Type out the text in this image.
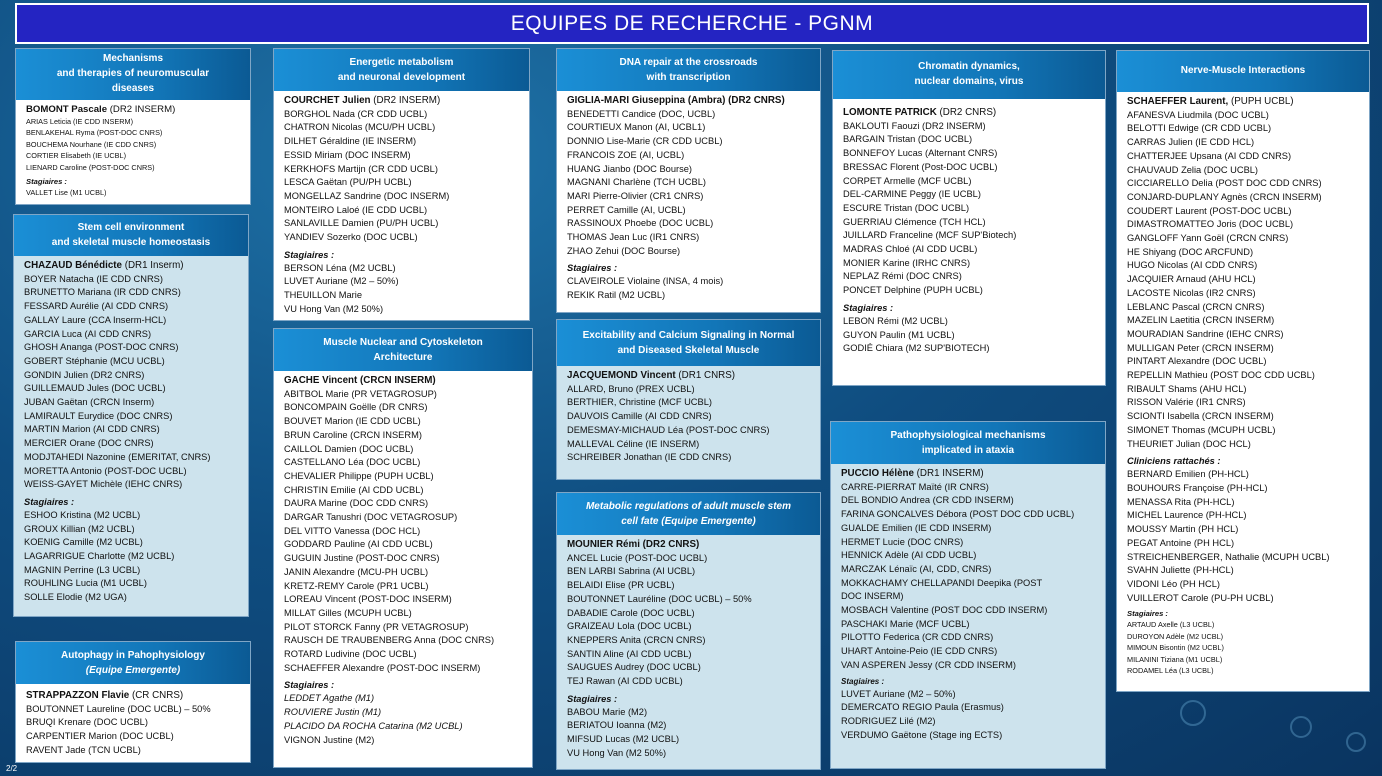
EQUIPES DE RECHERCHE - PGNM
Mechanisms
and therapies of neuromuscular
diseases
BOMONT Pascale (DR2 INSERM)
ARIAS Leticia (IE CDD INSERM)
BENLAKEHAL Ryma (POST-DOC CNRS)
BOUCHEMA Nourhane (IE CDD CNRS)
CORTIER Elisabeth (IE UCBL)
LIENARD Caroline (POST-DOC CNRS)
Stagiaires :
VALLET Lise (M1 UCBL)
Stem cell environment
and skeletal muscle homeostasis
CHAZAUD Bénédicte (DR1 Inserm)
BOYER Natacha (IE CDD CNRS)
BRUNETTO Mariana (IR CDD CNRS)
FESSARD Aurélie (AI CDD CNRS)
GALLAY Laure (CCA Inserm-HCL)
GARCIA Luca (AI CDD CNRS)
GHOSH Ananga (POST-DOC CNRS)
GOBERT Stéphanie (MCU UCBL)
GONDIN Julien (DR2 CNRS)
GUILLEMAUD Jules (DOC UCBL)
JUBAN Gaëtan (CRCN Inserm)
LAMIRAULT Eurydice (DOC CNRS)
MARTIN Marion (AI CDD CNRS)
MERCIER Orane (DOC CNRS)
MODJTAHEDI Nazonine (EMERITAT, CNRS)
MORETTA Antonio (POST-DOC UCBL)
WEISS-GAYET Michèle (IEHC CNRS)
Stagiaires :
ESHOO Kristina (M2 UCBL)
GROUX Killian (M2 UCBL)
KOENIG Camille (M2 UCBL)
LAGARRIGUE Charlotte (M2 UCBL)
MAGNIN Perrine (L3 UCBL)
ROUHLING Lucia (M1 UCBL)
SOLLE Elodie (M2 UGA)
Autophagy in Pahophysiology
(Equipe Emergente)
STRAPPAZZON Flavie (CR CNRS)
BOUTONNET Laureline (DOC UCBL) – 50%
BRUQI Krenare (DOC UCBL)
CARPENTIER Marion (DOC UCBL)
RAVENT Jade (TCN UCBL)
Energetic metabolism
and neuronal development
COURCHET Julien (DR2 INSERM)
BORGHOL Nada (CR CDD UCBL)
CHATRON Nicolas (MCU/PH UCBL)
DILHET Géraldine (IE INSERM)
ESSID Miriam (DOC INSERM)
KERKHOFS Martijn (CR CDD UCBL)
LESCA Gaëtan (PU/PH UCBL)
MONGELLAZ Sandrine (DOC INSERM)
MONTEIRO Laloé (IE CDD UCBL)
SANLAVILLE Damien (PU/PH UCBL)
YANDIEV Sozerko (DOC UCBL)
Stagiaires :
BERSON Léna (M2 UCBL)
LUVET Auriane (M2 – 50%)
THEUILLON Marie
VU Hong Van (M2 50%)
Muscle Nuclear and Cytoskeleton
Architecture
GACHE Vincent (CRCN INSERM)
ABITBOL Marie (PR VETAGROSUP)
BONCOMPAIN Goëlle (DR CNRS)
BOUVET Marion (IE CDD UCBL)
BRUN Caroline (CRCN INSERM)
CAILLOL Damien (DOC UCBL)
CASTELLANO Léa (DOC UCBL)
CHEVALIER Philippe (PUPH UCBL)
CHRISTIN Emilie (AI CDD UCBL)
DAURA Marine (DOC CDD CNRS)
DARGAR Tanushri (DOC VETAGROSUP)
DEL VITTO Vanessa (DOC HCL)
GODDARD Pauline (AI CDD UCBL)
GUGUIN Justine (POST-DOC CNRS)
JANIN Alexandre (MCU-PH UCBL)
KRETZ-REMY Carole (PR1 UCBL)
LOREAU Vincent (POST-DOC INSERM)
MILLAT Gilles (MCUPH UCBL)
PILOT STORCK Fanny (PR VETAGROSUP)
RAUSCH DE TRAUBENBERG Anna (DOC CNRS)
ROTARD Ludivine (DOC UCBL)
SCHAEFFER Alexandre (POST-DOC INSERM)
Stagiaires :
LEDDET Agathe (M1)
ROUVIERE Justin (M1)
PLACIDO DA ROCHA Catarina (M2 UCBL)
VIGNON Justine (M2)
DNA repair at the crossroads
with transcription
GIGLIA-MARI Giuseppina (Ambra) (DR2 CNRS)
BENEDETTI Candice (DOC, UCBL)
COURTIEUX Manon (AI, UCBL1)
DONNIO Lise-Marie (CR CDD UCBL)
FRANCOIS ZOE (AI, UCBL)
HUANG Jianbo (DOC Bourse)
MAGNANI Charlène (TCH UCBL)
MARI Pierre-Olivier (CR1 CNRS)
PERRET Camille (AI, UCBL)
RASSINOUX Phoebe (DOC UCBL)
THOMAS Jean Luc (IR1 CNRS)
ZHAO Zehui (DOC Bourse)
Stagiaires :
CLAVEIROLE Violaine (INSA, 4 mois)
REKIK Ratil (M2 UCBL)
Excitability and Calcium Signaling in Normal
and Diseased Skeletal Muscle
JACQUEMOND Vincent (DR1 CNRS)
ALLARD, Bruno (PREX UCBL)
BERTHIER, Christine (MCF UCBL)
DAUVOIS Camille (AI CDD CNRS)
DEMESMAY-MICHAUD Léa (POST-DOC CNRS)
MALLEVAL Céline (IE INSERM)
SCHREIBER Jonathan (IE CDD CNRS)
Metabolic regulations of adult muscle stem
cell fate (Equipe Emergente)
MOUNIER Rémi (DR2 CNRS)
ANCEL Lucie (POST-DOC UCBL)
BEN LARBI Sabrina (AI UCBL)
BELAIDI Elise (PR UCBL)
BOUTONNET Lauréline (DOC UCBL) – 50%
DABADIE Carole (DOC UCBL)
GRAIZEAU Lola (DOC UCBL)
KNEPPERS Anita (CRCN CNRS)
SANTIN Aline (AI CDD UCBL)
SAUGUES Audrey (DOC UCBL)
TEJ Rawan (AI CDD UCBL)
Stagiaires :
BABOU Marie (M2)
BERIATOU Ioanna (M2)
MIFSUD Lucas (M2 UCBL)
VU Hong Van (M2 50%)
Chromatin dynamics,
nuclear domains, virus
LOMONTE PATRICK (DR2 CNRS)
BAKLOUTI Faouzi (DR2 INSERM)
BARGAIN Tristan (DOC UCBL)
BONNEFOY Lucas (Alternant CNRS)
BRESSAC Florent (Post-DOC UCBL)
CORPET Armelle (MCF UCBL)
DEL-CARMINE Peggy (IE UCBL)
ESCURE Tristan (DOC UCBL)
GUERRIAU Clémence (TCH HCL)
JUILLARD Franceline (MCF SUP'Biotech)
MADRAS Chloé (AI CDD UCBL)
MONIER Karine (IRHC CNRS)
NEPLAZ Rémi (DOC CNRS)
PONCET Delphine (PUPH UCBL)
Stagiaires :
LEBON Rémi (M2 UCBL)
GUYON Paulin (M1 UCBL)
GODIÉ Chiara (M2 SUP'BIOTECH)
Pathophysiological mechanisms
implicated in ataxia
PUCCIO Hélène (DR1 INSERM)
CARRE-PIERRAT Maïté (IR CNRS)
DEL BONDIO Andrea (CR CDD INSERM)
FARINA GONCALVES Débora (POST DOC CDD UCBL)
GUALDE Emilien (IE CDD INSERM)
HERMET Lucie (DOC CNRS)
HENNICK Adèle (AI CDD UCBL)
MARCZAK Lénaïc (AI, CDD, CNRS)
MOKKACHAMY CHELLAPANDI Deepika (POST
DOC INSERM)
MOSBACH Valentine (POST DOC CDD INSERM)
PASCHAKI Marie (MCF UCBL)
PILOTTO Federica (CR CDD CNRS)
UHART Antoine-Peio (IE CDD CNRS)
VAN ASPEREN Jessy (CR CDD INSERM)
Stagiaires :
LUVET Auriane (M2 – 50%)
DEMERCATO REGIO Paula (Erasmus)
RODRIGUEZ Lilé (M2)
VERDUMO Gaëtone (Stage ing ECTS)
Nerve-Muscle Interactions
SCHAEFFER Laurent, (PUPH UCBL)
AFANESVA Liudmila (DOC UCBL)
BELOTTI Edwige (CR CDD UCBL)
CARRAS Julien (IE CDD HCL)
CHATTERJEE Upsana (AI CDD CNRS)
CHAUVAUD Zelia (DOC UCBL)
CICCIARELLO Delia (POST DOC CDD CNRS)
CONJARD-DUPLANY Agnès (CRCN INSERM)
COUDERT Laurent (POST-DOC UCBL)
DIMASTROMATTEO Joris (DOC UCBL)
GANGLOFF Yann Goël (CRCN CNRS)
HE Shiyang (DOC ARCFUND)
HUGO Nicolas (AI CDD CNRS)
JACQUIER Arnaud (AHU HCL)
LACOSTE Nicolas (IR2 CNRS)
LEBLANC Pascal (CRCN CNRS)
MAZELIN Laetitia (CRCN INSERM)
MOURADIAN Sandrine (IEHC CNRS)
MULLIGAN Peter (CRCN INSERM)
PINTART Alexandre (DOC UCBL)
REPELLIN Mathieu (POST DOC CDD UCBL)
RIBAULT Shams (AHU HCL)
RISSON Valérie (IR1 CNRS)
SCIONTI Isabella (CRCN INSERM)
SIMONET Thomas (MCUPH UCBL)
THEURIET Julian (DOC HCL)
Cliniciens rattachés :
BERNARD Emilien (PH-HCL)
BOUHOURS Françoise (PH-HCL)
MENASSA Rita (PH-HCL)
MICHEL Laurence (PH-HCL)
MOUSSY Martin (PH HCL)
PEGAT Antoine (PH HCL)
STREICHENBERGER, Nathalie (MCUPH UCBL)
SVAHN Juliette (PH-HCL)
VIDONI Léo (PH HCL)
VUILLEROT Carole (PU-PH UCBL)
Stagiaires :
ARTAUD Axelle (L3 UCBL)
DUROYON Adèle (M2 UCBL)
MIMOUN Bisontin (M2 UCBL)
MILANINI Tiziana (M1 UCBL)
RODAMEL Léa (L3 UCBL)
2/2
